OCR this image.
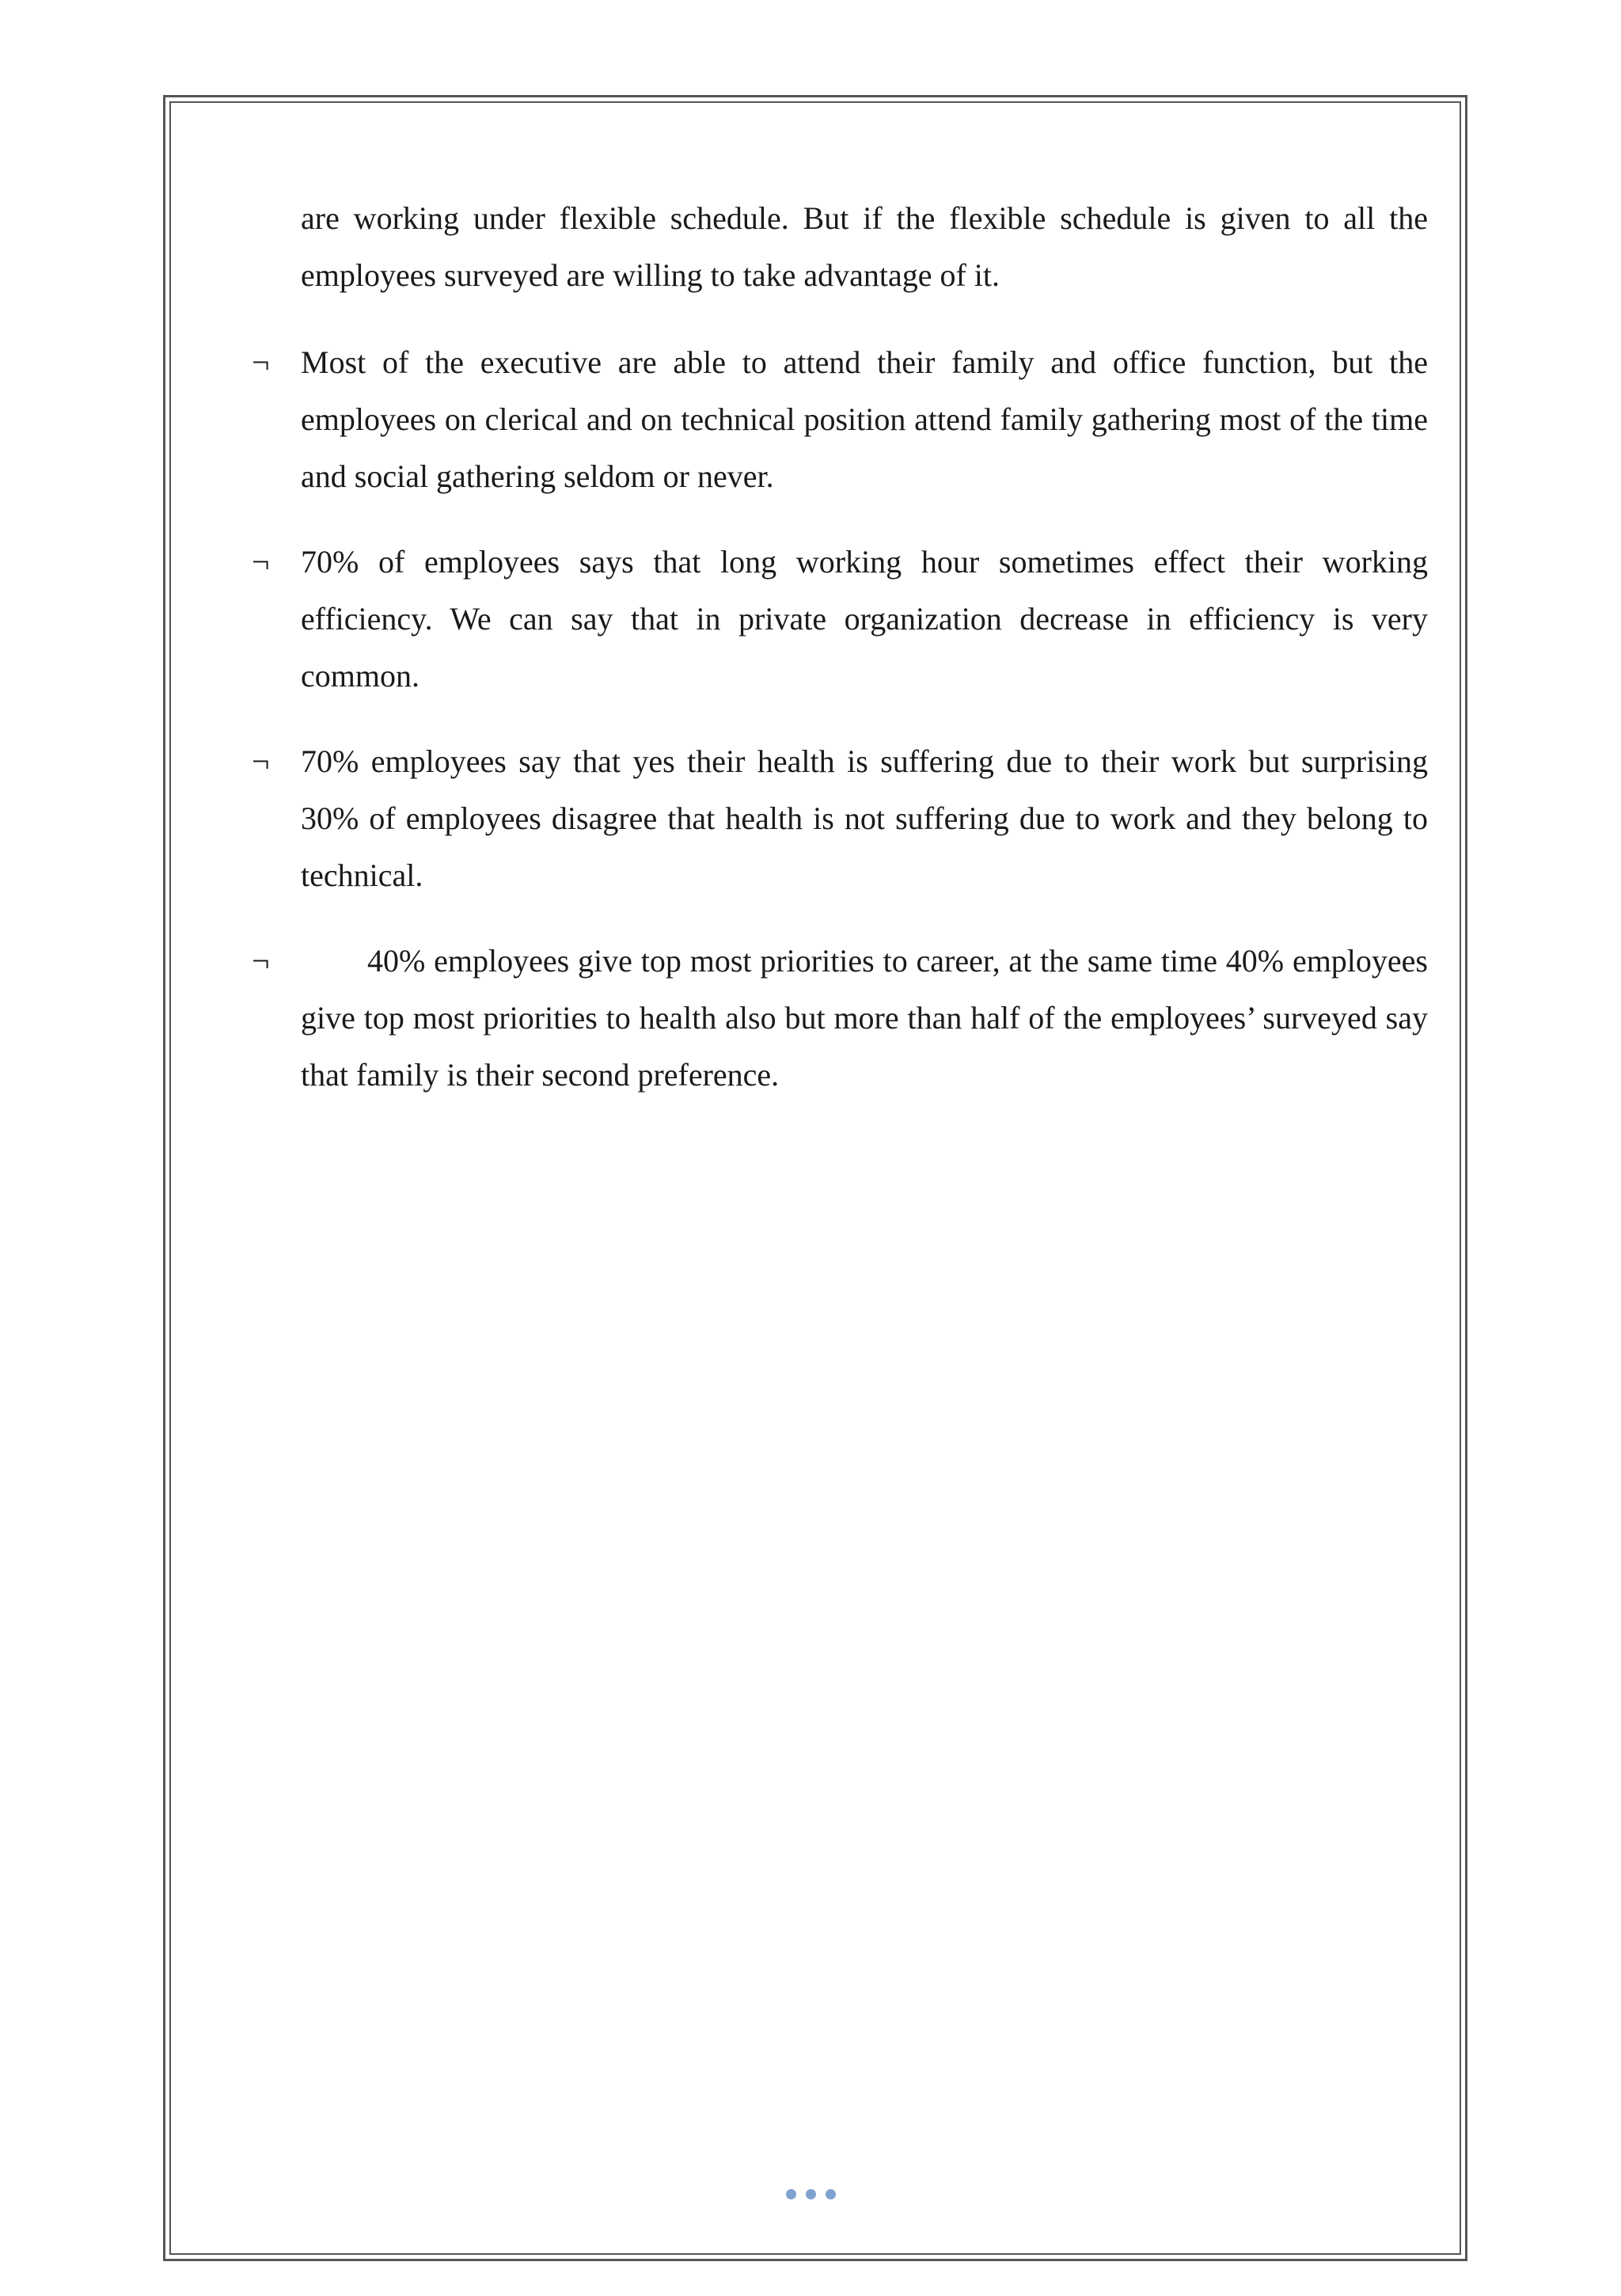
are working under flexible schedule. But if the flexible schedule is given to all the employees surveyed are willing to take advantage of it.
¬ Most of the executive are able to attend their family and office function, but the employees on clerical and on technical position attend family gathering most of the time and social gathering seldom or never.
¬ 70% of employees says that long working hour sometimes effect their working efficiency. We can say that in private organization decrease in efficiency is very common.
¬ 70% employees say that yes their health is suffering due to their work but surprising 30% of employees disagree that health is not suffering due to work and they belong to technical.
¬	40% employees give top most priorities to career, at the same time 40% employees give top most priorities to health also but more than half of the employees’ surveyed say that family is their second preference.
